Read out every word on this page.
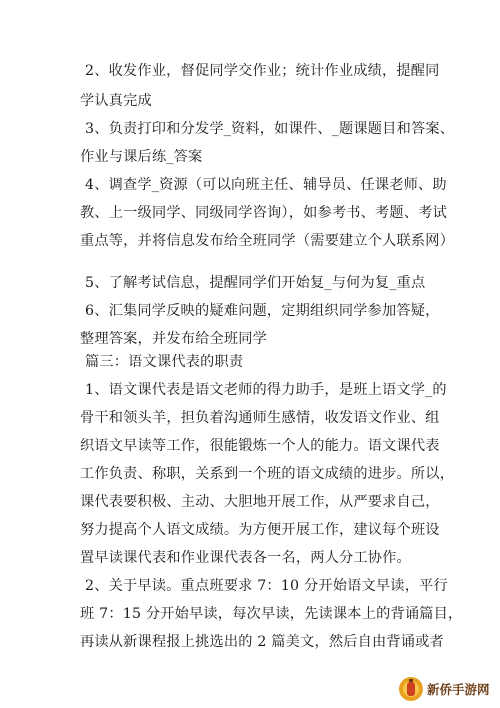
2、收发作业，督促同学交作业；统计作业成绩，提醒同
学认真完成
3、负责打印和分发学_资料，如课件、_题课题目和答案、
作业与课后练_答案
4、调查学_资源（可以向班主任、辅导员、任课老师、助
教、上一级同学、同级同学咨询），如参考书、考题、考试
重点等，并将信息发布给全班同学（需要建立个人联系网）
5、了解考试信息，提醒同学们开始复_与何为复_重点
6、汇集同学反映的疑难问题，定期组织同学参加答疑，
整理答案，并发布给全班同学
篇三：语文课代表的职责
1、语文课代表是语文老师的得力助手，是班上语文学_的
骨干和领头羊，担负着沟通师生感情，收发语文作业、组
织语文早读等工作，很能锻炼一个人的能力。语文课代表
工作负责、称职，关系到一个班的语文成绩的进步。所以，
课代表要积极、主动、大胆地开展工作，从严要求自己，
努力提高个人语文成绩。为方便开展工作，建议每个班设
置早读课代表和作业课代表各一名，两人分工协作。
2、关于早读。重点班要求 7：10 分开始语文早读，平行
班 7：15 分开始早读，每次早读，先读课本上的背诵篇目，
再读从新课程报上挑选出的 2 篇美文，然后自由背诵或者
新侨手游网
